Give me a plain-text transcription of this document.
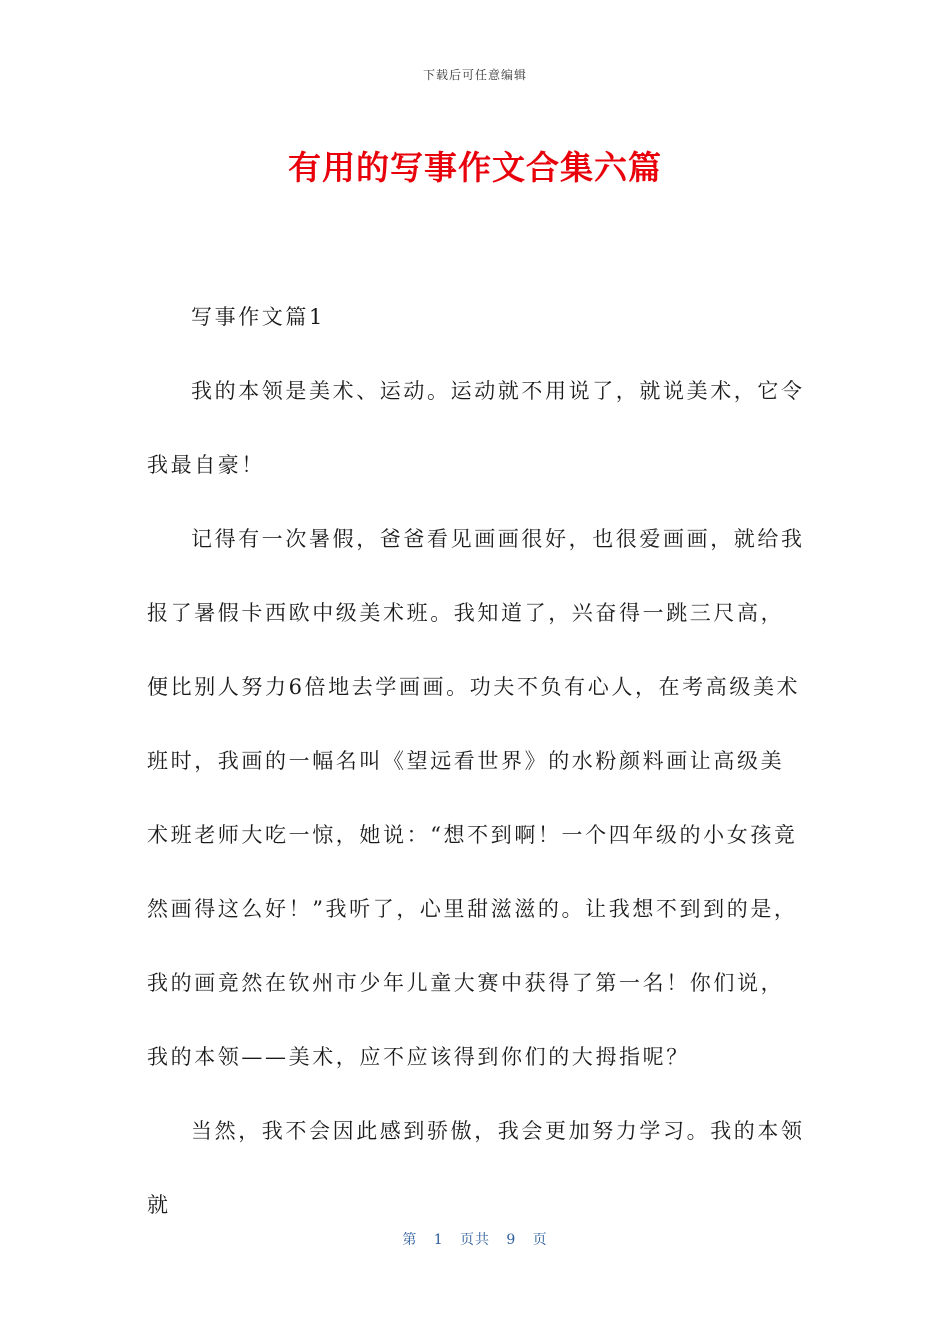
下载后可任意编辑
有用的写事作文合集六篇

写事作文篇1

我的本领是美术、运动。运动就不用说了，就说美术，它令我最自豪！

记得有一次暑假，爸爸看见画画很好，也很爱画画，就给我报了暑假卡西欧中级美术班。我知道了，兴奋得一跳三尺高，便比别人努力6倍地去学画画。功夫不负有心人，在考高级美术班时，我画的一幅名叫《望远看世界》的水粉颜料画让高级美术班老师大吃一惊，她说：“想不到啊！一个四年级的小女孩竟然画得这么好！”我听了，心里甜滋滋的。让我想不到到的是，我的画竟然在钦州市少年儿童大赛中获得了第一名！你们说，我的本领——美术，应不应该得到你们的大拇指呢？

当然，我不会因此感到骄傲，我会更加努力学习。我的本领就

第 1 页共 9 页
